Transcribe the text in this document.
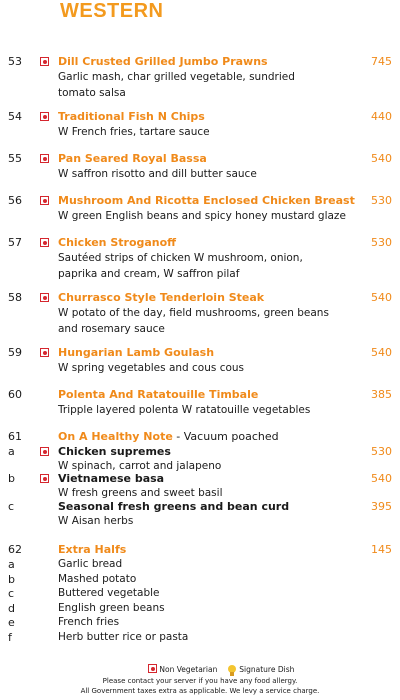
WESTERN
53	Dill Crusted Grilled Jumbo Prawns	745
Garlic mash, char grilled vegetable, sundried
tomato salsa
54	Traditional Fish N Chips	440
W French fries, tartare sauce
55	Pan Seared Royal Bassa	540
W saffron risotto and dill butter sauce
56	Mushroom And Ricotta Enclosed Chicken Breast 530
W green English beans and spicy honey mustard glaze
57	Chicken Stroganoff	530
Sautéed strips of chicken W mushroom, onion,
paprika and cream, W saffron pilaf
58	Churrasco Style Tenderloin Steak	540
W potato of the day, field mushrooms, green beans
and rosemary sauce
59	Hungarian Lamb Goulash	540
W spring vegetables and cous cous
60	Polenta And Ratatouille Timbale	385
Tripple layered polenta W ratatouille vegetables
61	On A Healthy Note - Vacuum poached
a	Chicken supremes	530
W spinach, carrot and jalapeno
b	Vietnamese basa	540
W fresh greens and sweet basil
c	Seasonal fresh greens and bean curd	395
W Aisan herbs
62	Extra Halfs	145
a	Garlic bread
b	Mashed potato
c	Buttered vegetable
d	English green beans
e	French fries
f	Herb butter rice or pasta
Non Vegetarian	Signature Dish
Please contact your server if you have any food allergy.
All Government taxes extra as applicable. We levy a service charge.
